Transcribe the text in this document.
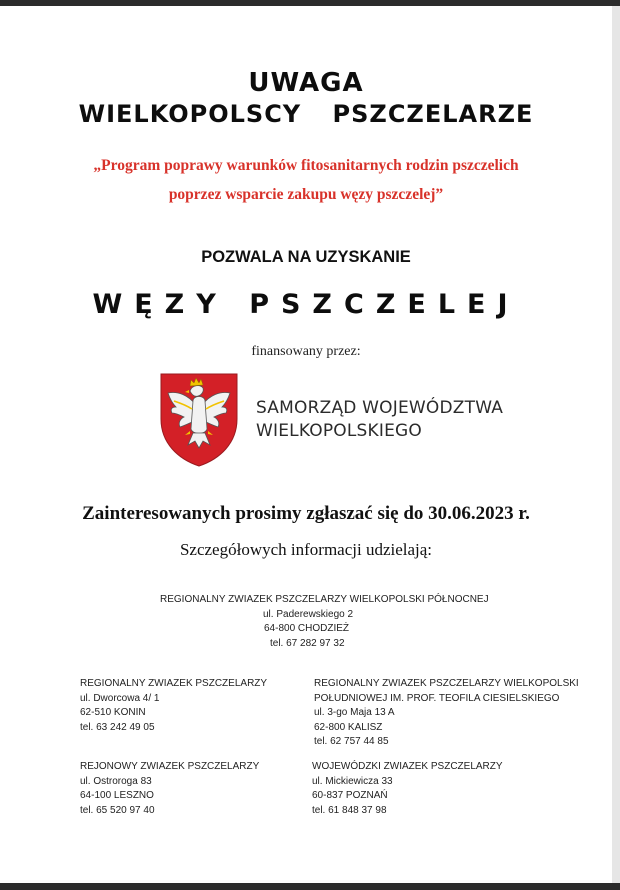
UWAGA
WIELKOPOLSCY PSZCZELARZE
„Program poprawy warunków fitosanitarnych rodzin pszczelich
poprzez wsparcie zakupu węzy pszczelej”
POZWALA NA UZYSKANIE
WĘZY PSZCZELEJ
finansowany przez:
SAMORZĄD WOJEWÓDZTWA
WIELKOPOLSKIEGO
Zainteresowanych prosimy zgłaszać się do 30.06.2023 r.
Szczegółowych informacji udzielają:
REGIONALNY ZWIAZEK PSZCZELARZY WIELKOPOLSKI PÓŁNOCNEJ
ul. Paderewskiego 2
64-800 CHODZIEŻ
tel. 67 282 97 32
REGIONALNY ZWIAZEK PSZCZELARZY
ul. Dworcowa 4/ 1
62-510 KONIN
tel. 63 242 49 05
REGIONALNY ZWIAZEK PSZCZELARZY WIELKOPOLSKI
POŁUDNIOWEJ IM. PROF. TEOFILA CIESIELSKIEGO
ul. 3-go Maja 13 A
62-800 KALISZ
tel. 62 757 44 85
REJONOWY ZWIAZEK PSZCZELARZY
ul. Ostroroga 83
64-100 LESZNO
tel. 65 520 97 40
WOJEWÓDZKI ZWIAZEK PSZCZELARZY
ul. Mickiewicza 33
60-837 POZNAŃ
tel. 61 848 37 98
